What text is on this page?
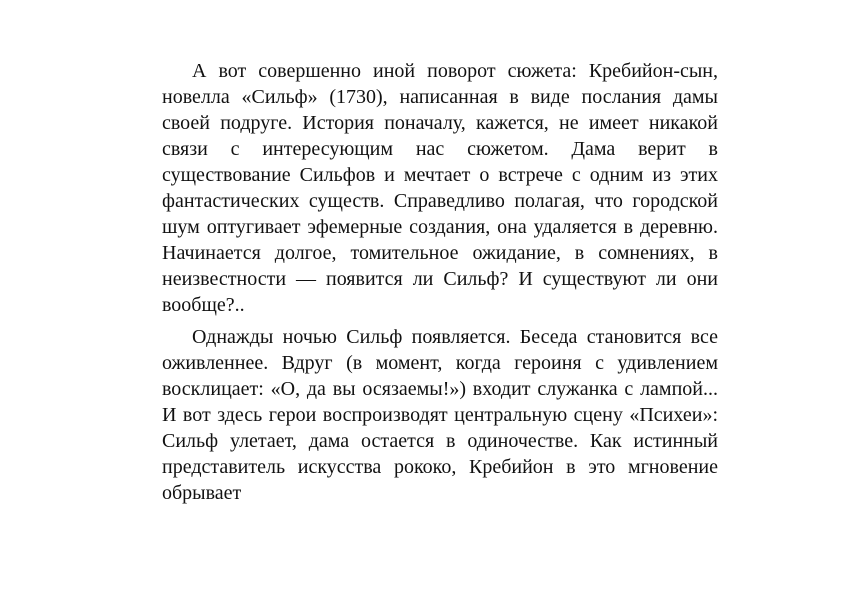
А вот совершенно иной поворот сюжета: Кребийон-сын, новелла «Сильф» (1730), написанная в виде послания дамы своей подруге. История поначалу, кажется, не имеет никакой связи с интересующим нас сюжетом. Дама верит в существование Сильфов и мечтает о встрече с одним из этих фантастических существ. Справедливо полагая, что городской шум оптугивает эфемерные создания, она удаляется в деревню. Начинается долгое, томительное ожидание, в сомнениях, в неизвестности — появится ли Сильф? И существуют ли они вообще?..

Однажды ночью Сильф появляется. Беседа становится все оживленнее. Вдруг (в момент, когда героиня с удивлением восклицает: «О, да вы осязаемы!») входит служанка с лампой... И вот здесь герои воспроизводят центральную сцену «Психеи»: Сильф улетает, дама остается в одиночестве. Как истинный представитель искусства рококо, Кребийон в это мгновение обрывает
